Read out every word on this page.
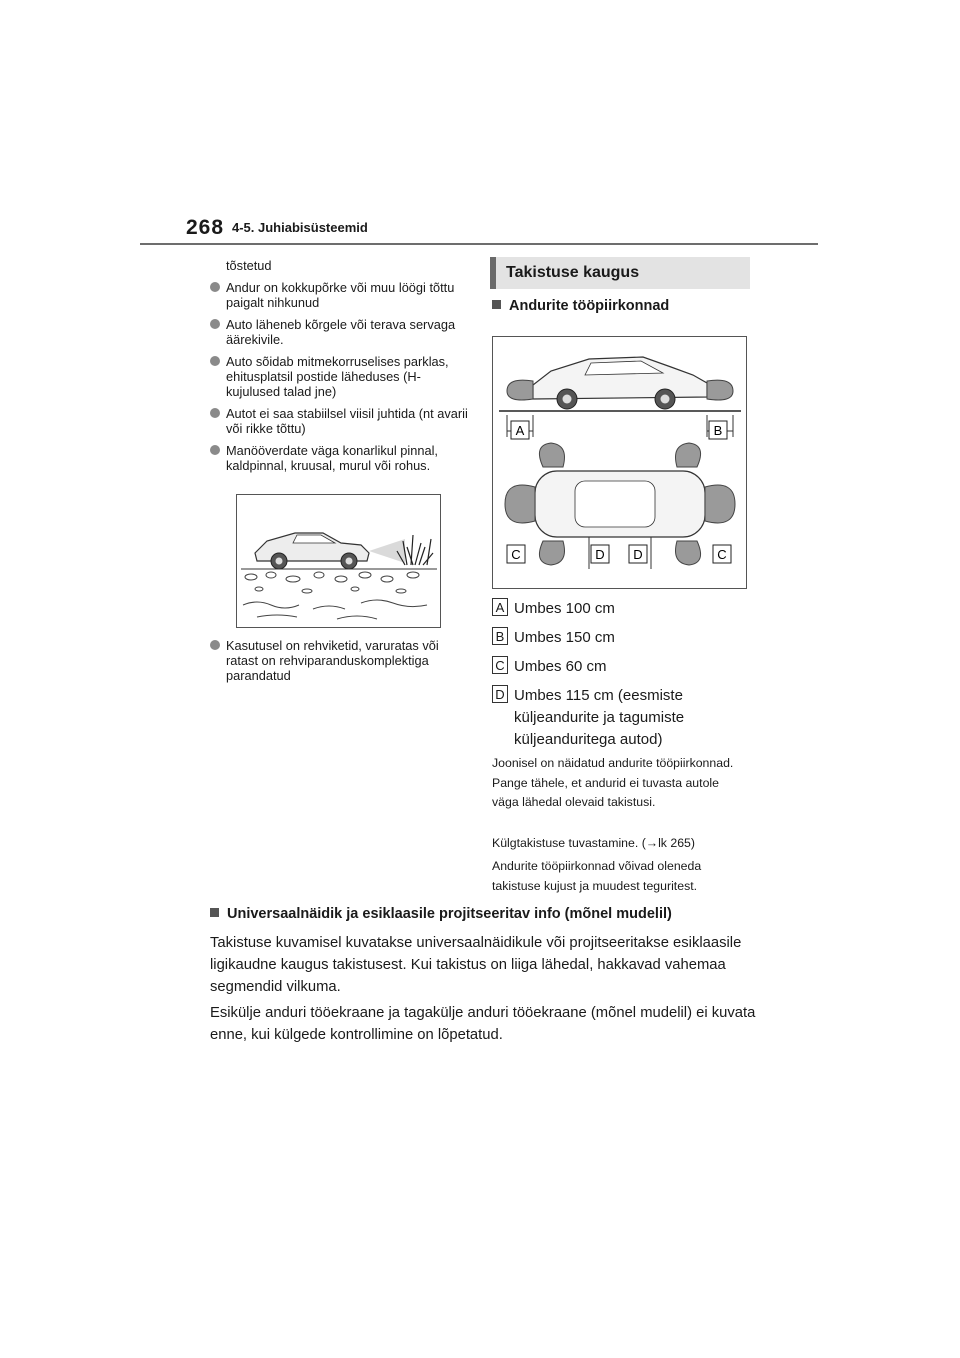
268 4-5. Juhiabisüsteemid
tõstetud
Andur on kokkupõrke või muu löögi tõttu paigalt nihkunud
Auto läheneb kõrgele või terava servaga äärekivile.
Auto sõidab mitmekorruselises parklas, ehitusplatsil postide läheduses (H-kujulused talad jne)
Autot ei saa stabiilsel viisil juhtida (nt avarii või rikke tõttu)
Manööverdate väga konarlikul pinnal, kaldpinnal, kruusal, murul või rohus.
Kasutusel on rehviketid, varuratas või ratast on rehviparanduskomplektiga parandatud
Takistuse kaugus
Andurite tööpiirkonnad
A	B
C	D D	C
A Umbes 100 cm
B Umbes 150 cm
C Umbes 60 cm
D Umbes 115 cm (eesmiste
küljeandurite ja tagumiste
küljeanduritega autod)
Joonisel on näidatud andurite tööpiirkonnad. Pange tähele, et andurid ei tuvasta autole väga lähedal olevaid takistusi.
Külgtakistuse tuvastamine. (→lk 265)
Andurite tööpiirkonnad võivad oleneda takistuse kujust ja muudest teguritest.
Universaalnäidik ja esiklaasile projitseeritav info (mõnel mudelil)
Takistuse kuvamisel kuvatakse universaalnäidikule või projitseeritakse esiklaasile ligikaudne kaugus takistusest. Kui takistus on liiga lähedal, hakkavad vahemaa segmendid vilkuma.
Esikülje anduri tööekraane ja tagakülje anduri tööekraane (mõnel mudelil) ei kuvata enne, kui külgede kontrollimine on lõpetatud.
